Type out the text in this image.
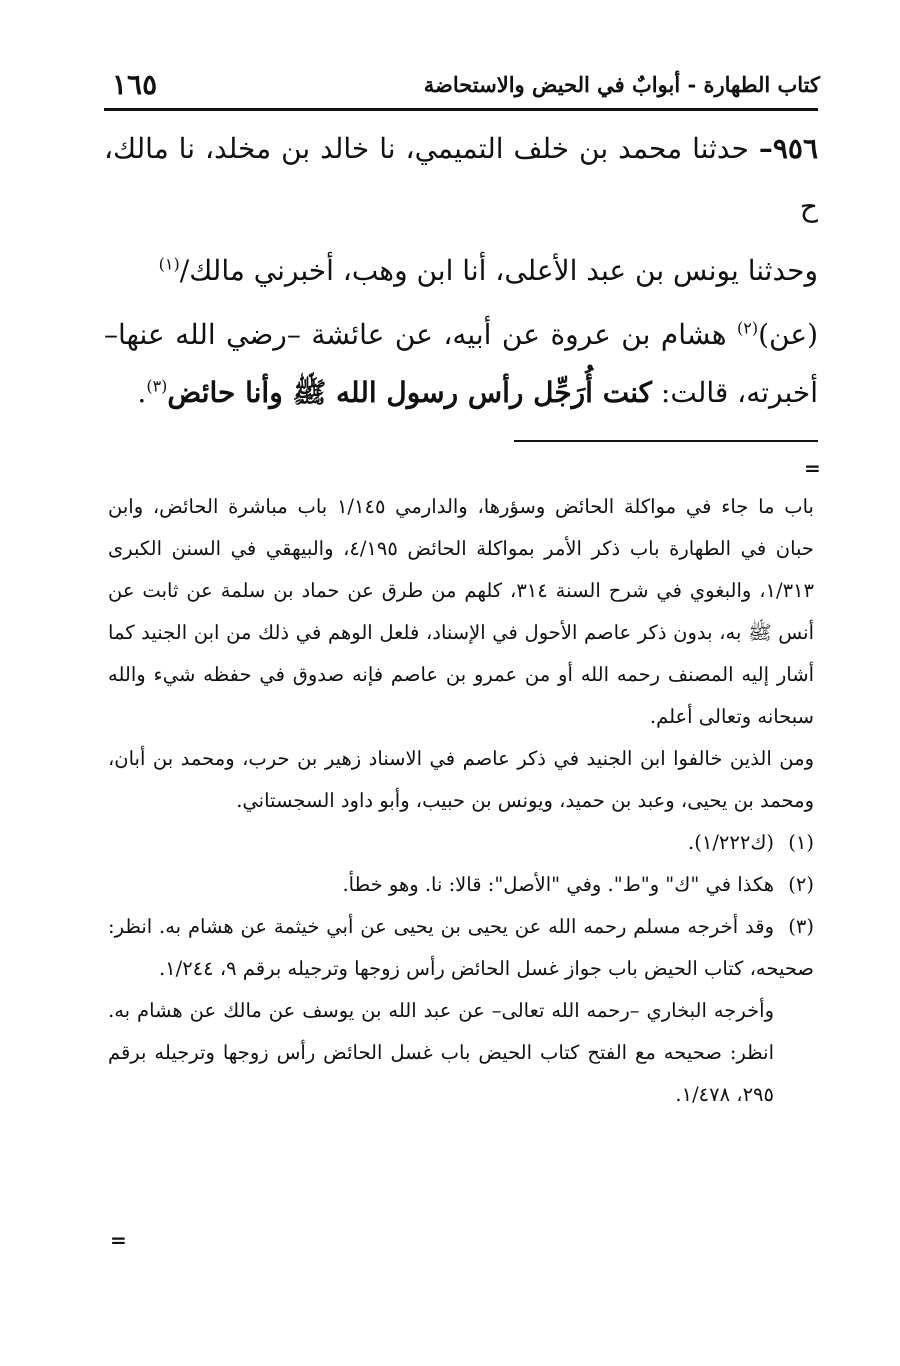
كتاب الطهارة - أبوابٌ في الحيض والاستحاضة
١٦٥

٩٥٦– حدثنا محمد بن خلف التميمي، نا خالد بن مخلد، نا مالك، ح

وحدثنا يونس بن عبد الأعلى، أنا ابن وهب، أخبرني مالك/$^{(١)}$

(عن)$^{(٢)}$ هشام بن عروة عن أبيه، عن عائشة –رضي الله عنها– أخبرته، قالت: كنت أُرَجِّل رأس رسول الله ﷺ وأنا حائض$^{(٣)}$.

=

باب ما جاء في مواكلة الحائض وسؤرها، والدارمي ١/١٤٥ باب مباشرة الحائض، وابن حبان في الطهارة باب ذكر الأمر بمواكلة الحائض ٤/١٩٥، والبيهقي في السنن الكبرى ١/٣١٣، والبغوي في شرح السنة ٣١٤، كلهم من طرق عن حماد بن سلمة عن ثابت عن أنس ﷺ به، بدون ذكر عاصم الأحول في الإسناد، فلعل الوهم في ذلك من ابن الجنيد كما أشار إليه المصنف رحمه الله أو من عمرو بن عاصم فإنه صدوق في حفظه شيء والله سبحانه وتعالى أعلم.

ومن الذين خالفوا ابن الجنيد في ذكر عاصم في الاسناد زهير بن حرب، ومحمد بن أبان، ومحمد بن يحيى، وعبد بن حميد، ويونس بن حبيب، وأبو داود السجستاني.

(١)(ك١/٢٢٢).

(٢)هكذا في "ك" و"ط". وفي "الأصل": قالا: نا. وهو خطأ.

(٣)وقد أخرجه مسلم رحمه الله عن يحيى بن يحيى عن أبي خيثمة عن هشام به. انظر: صحيحه، كتاب الحيض باب جواز غسل الحائض رأس زوجها وترجيله برقم ٩، ١/٢٤٤.

وأخرجه البخاري –رحمه الله تعالى– عن عبد الله بن يوسف عن مالك عن هشام به. انظر: صحيحه مع الفتح كتاب الحيض باب غسل الحائض رأس زوجها وترجيله برقم ٢٩٥، ١/٤٧٨.

=
